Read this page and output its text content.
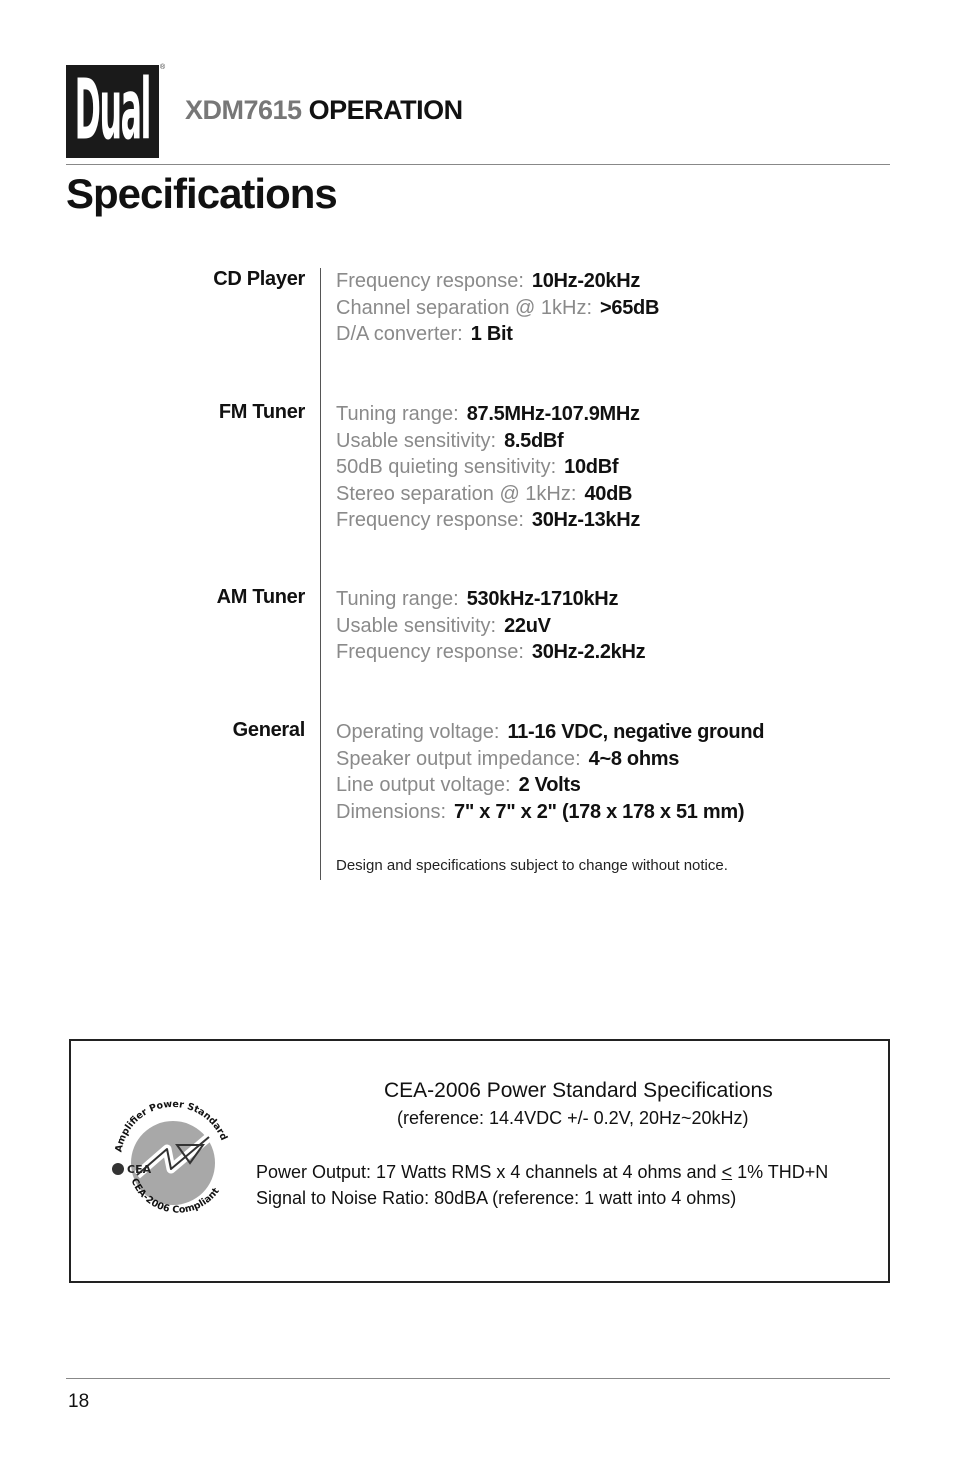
Dual ®
XDM7615 OPERATION
Specifications
CD Player Frequency response: 10Hz-20kHz
Channel separation @ 1kHz: >65dB
D/A converter: 1 Bit
FM Tuner Tuning range: 87.5MHz-107.9MHz
Usable sensitivity: 8.5dBf
50dB quieting sensitivity: 10dBf
Stereo separation @ 1kHz: 40dB
Frequency response: 30Hz-13kHz
AM Tuner Tuning range: 530kHz-1710kHz
Usable sensitivity: 22uV
Frequency response: 30Hz-2.2kHz
General Operating voltage: 11-16 VDC, negative ground
Speaker output impedance: 4~8 ohms
Line output voltage: 2 Volts
Dimensions: 7" x 7" x 2" (178 x 178 x 51 mm)
Design and specifications subject to change without notice.
CEA
Amplifier Power Standard
CEA-2006 Compliant
CEA-2006 Power Standard Specifications
(reference: 14.4VDC +/- 0.2V, 20Hz~20kHz)
Power Output: 17 Watts RMS x 4 channels at 4 ohms and ≤ 1% THD+N
Signal to Noise Ratio: 80dBA (reference: 1 watt into 4 ohms)
18
